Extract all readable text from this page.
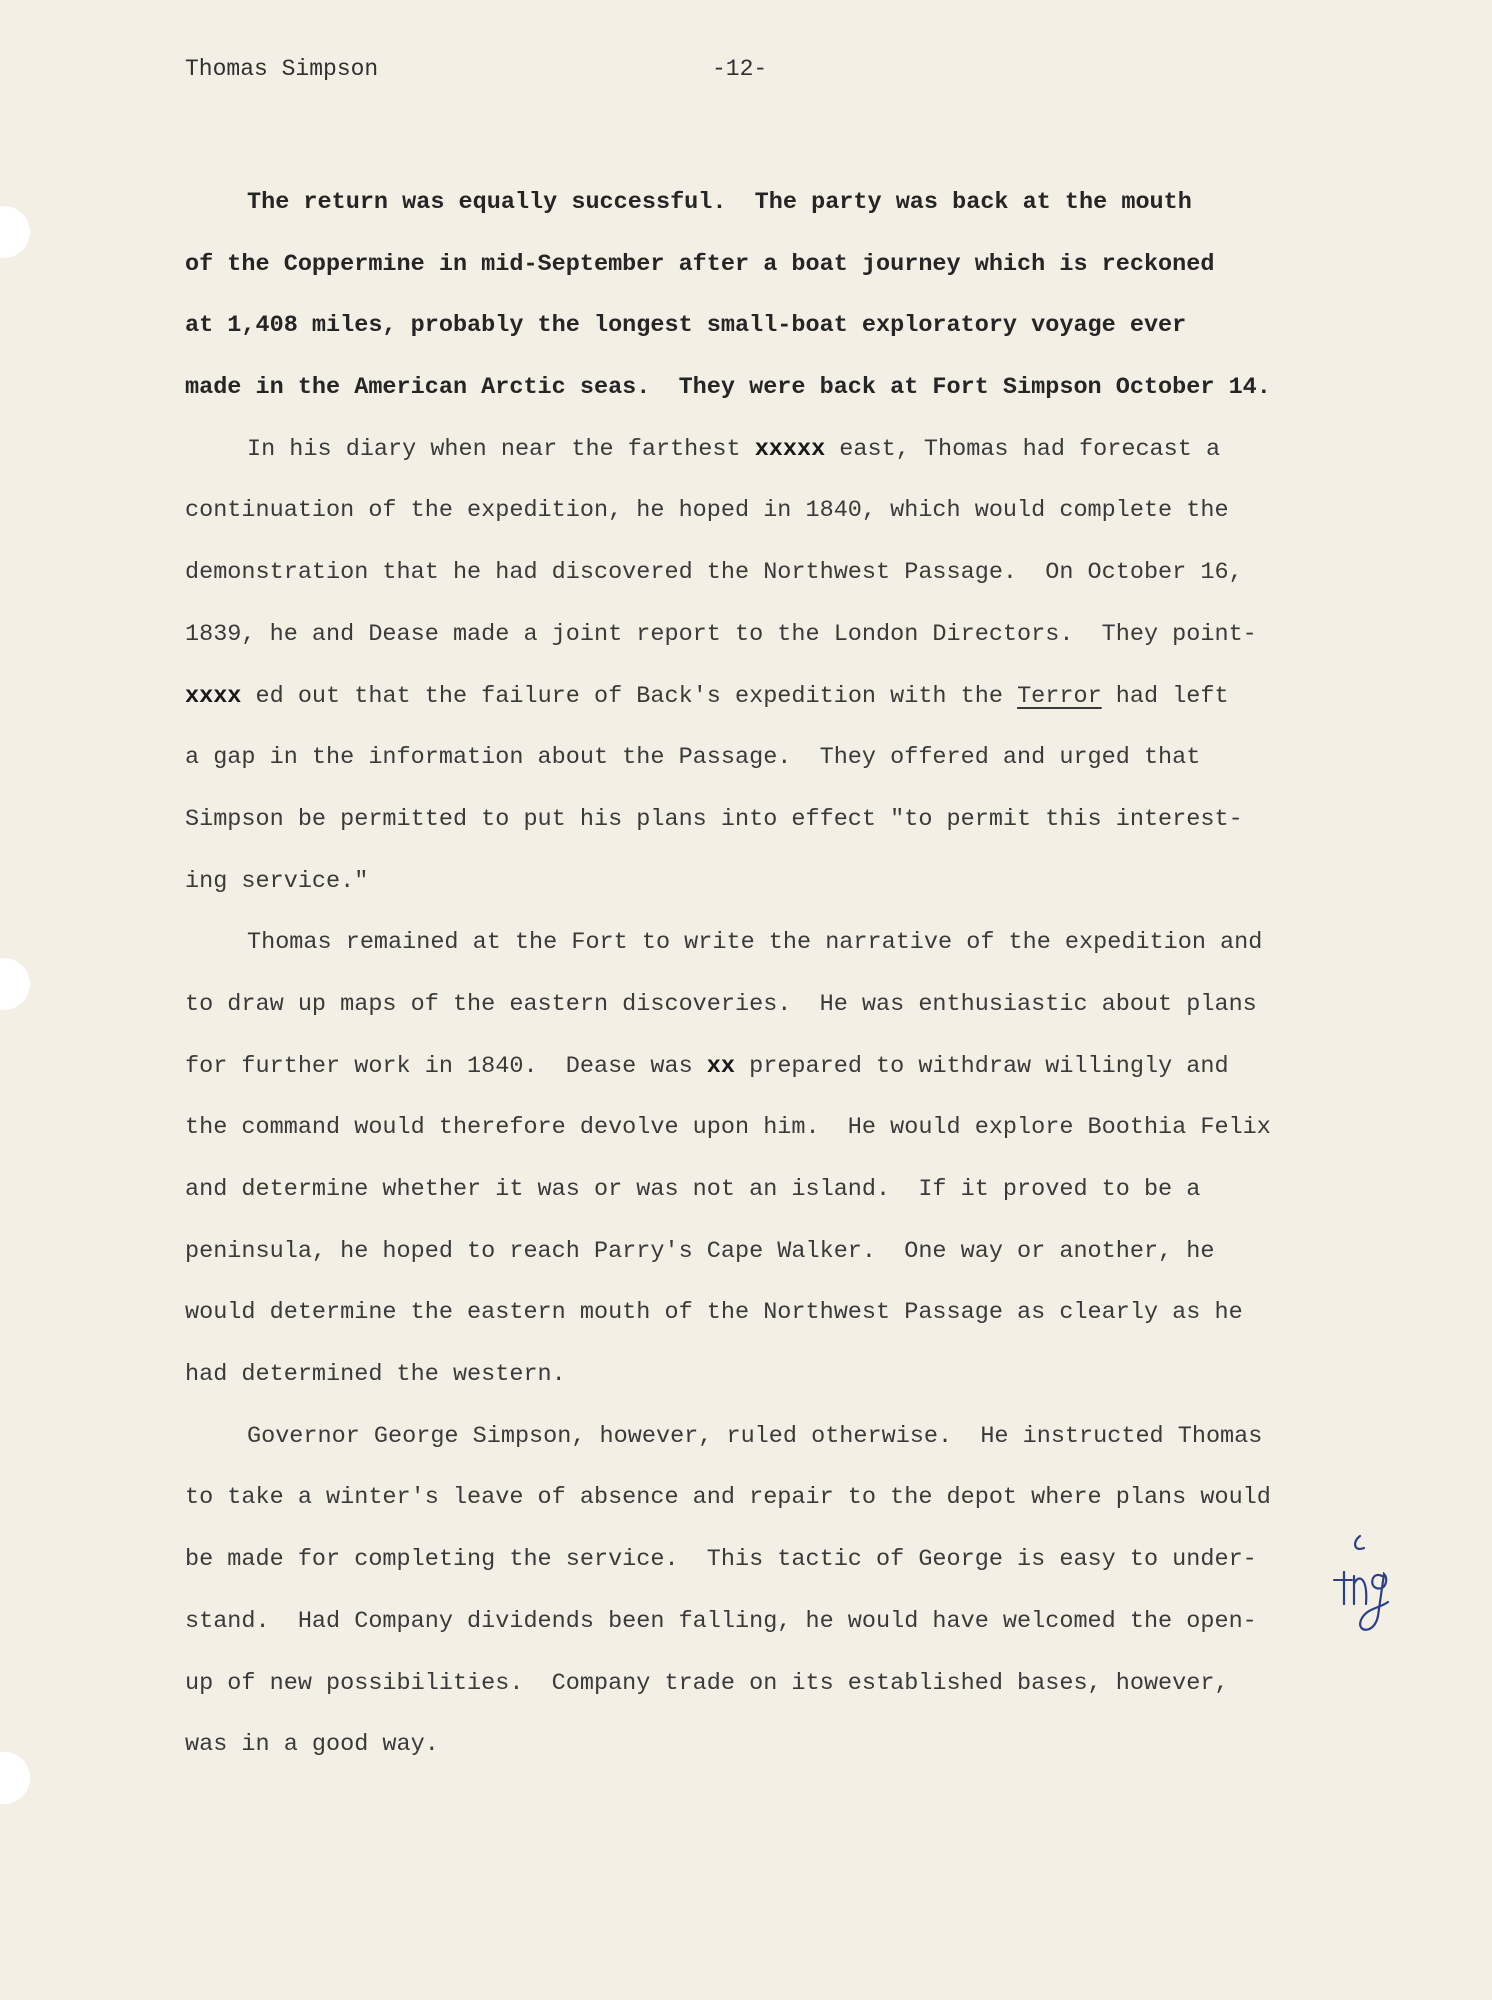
Thomas Simpson	-12-
The return was equally successful.  The party was back at the mouth
of the Coppermine in mid-September after a boat journey which is reckoned
at 1,408 miles, probably the longest small-boat exploratory voyage ever
made in the American Arctic seas.  They were back at Fort Simpson October 14.
In his diary when near the farthest xxxxx east, Thomas had forecast a
continuation of the expedition, he hoped in 1840, which would complete the
demonstration that he had discovered the Northwest Passage.  On October 16,
1839, he and Dease made a joint report to the London Directors.  They point-
xxxx ed out that the failure of Back's expedition with the Terror had left
a gap in the information about the Passage.  They offered and urged that
Simpson be permitted to put his plans into effect "to permit this interest-
ing service."
Thomas remained at the Fort to write the narrative of the expedition and
to draw up maps of the eastern discoveries.  He was enthusiastic about plans
for further work in 1840.  Dease was xx prepared to withdraw willingly and
the command would therefore devolve upon him.  He would explore Boothia Felix
and determine whether it was or was not an island.  If it proved to be a
peninsula, he hoped to reach Parry's Cape Walker.  One way or another, he
would determine the eastern mouth of the Northwest Passage as clearly as he
had determined the western.
Governor George Simpson, however, ruled otherwise.  He instructed Thomas
to take a winter's leave of absence and repair to the depot where plans would
be made for completing the service.  This tactic of George is easy to under-
stand.  Had Company dividends been falling, he would have welcomed the open-
up of new possibilities.  Company trade on its established bases, however,
was in a good way.
ing
